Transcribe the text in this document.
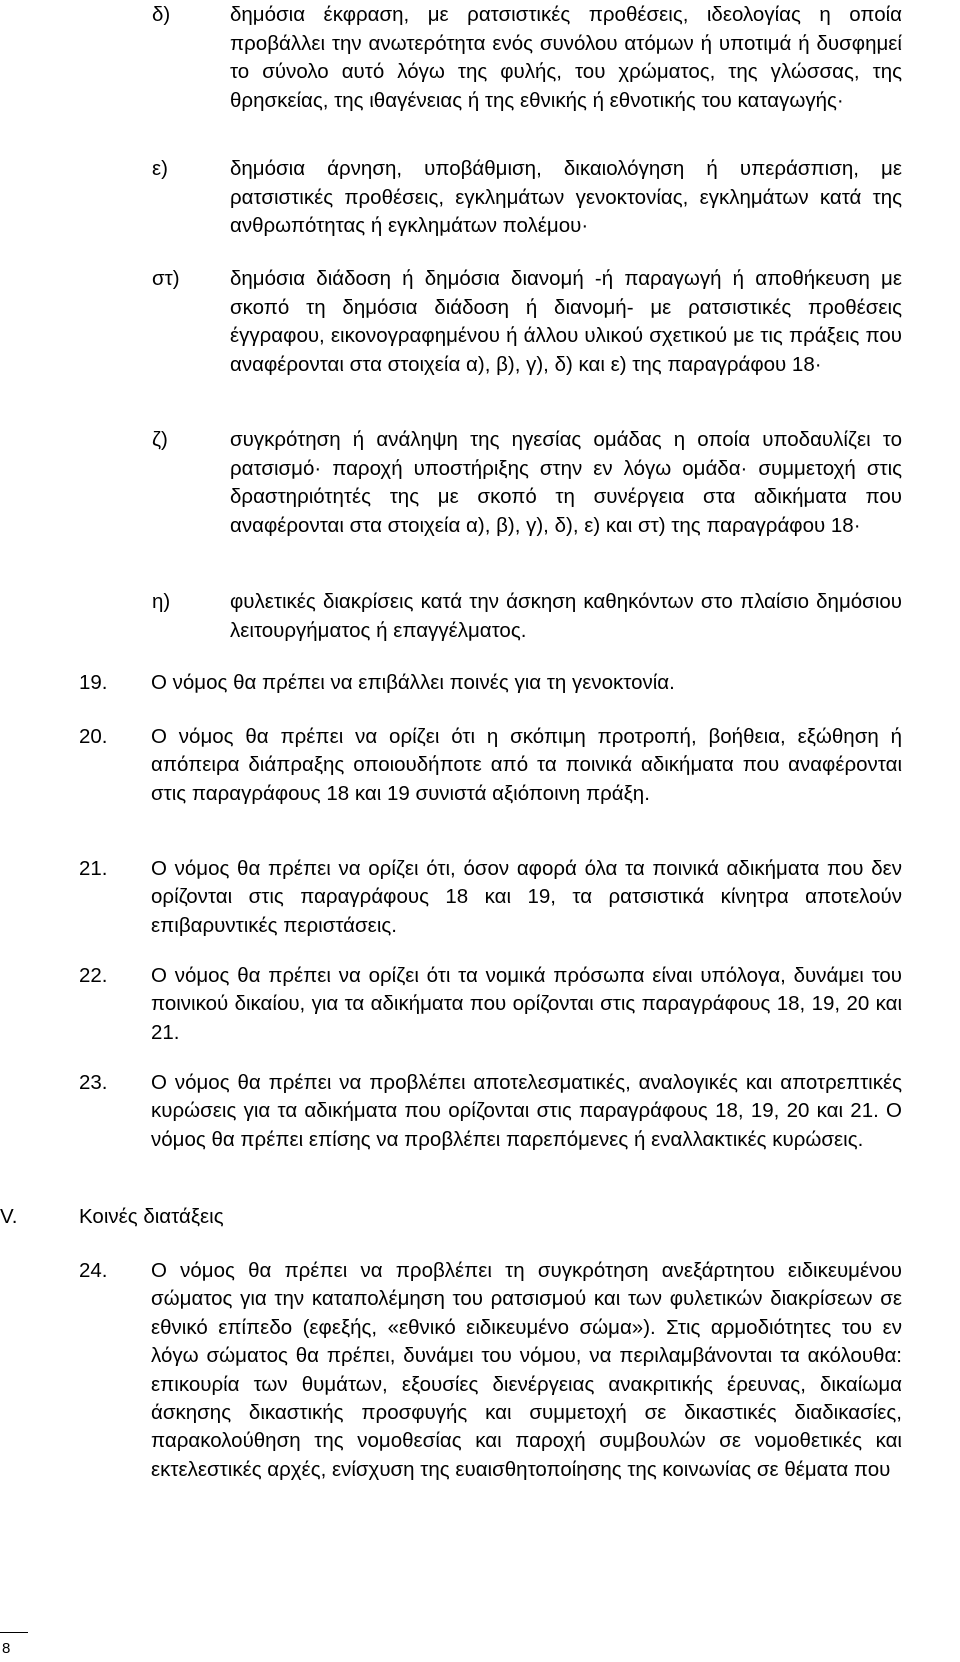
δ)	δημόσια έκφραση, με ρατσιστικές προθέσεις, ιδεολογίας η οποία προβάλλει την ανωτερότητα ενός συνόλου ατόμων ή υποτιμά ή δυσφημεί το σύνολο αυτό λόγω της φυλής, του χρώματος, της γλώσσας, της θρησκείας, της ιθαγένειας ή της εθνικής ή εθνοτικής του καταγωγής·
ε)	δημόσια άρνηση, υποβάθμιση, δικαιολόγηση ή υπεράσπιση, με ρατσιστικές προθέσεις, εγκλημάτων γενοκτονίας, εγκλημάτων κατά της ανθρωπότητας ή εγκλημάτων πολέμου·
στ) δημόσια διάδοση ή δημόσια διανομή -ή παραγωγή ή αποθήκευση με σκοπό τη δημόσια διάδοση ή διανομή- με ρατσιστικές προθέσεις έγγραφου, εικονογραφημένου ή άλλου υλικού σχετικού με τις πράξεις που αναφέρονται στα στοιχεία α), β), γ), δ) και ε) της παραγράφου 18·
ζ)	συγκρότηση ή ανάληψη της ηγεσίας ομάδας η οποία υποδαυλίζει το ρατσισμό· παροχή υποστήριξης στην εν λόγω ομάδα· συμμετοχή στις δραστηριότητές της με σκοπό τη συνέργεια στα αδικήματα που αναφέρονται στα στοιχεία α), β), γ), δ), ε) και στ) της παραγράφου 18·
η)	φυλετικές διακρίσεις κατά την άσκηση καθηκόντων στο πλαίσιο δημόσιου λειτουργήματος ή επαγγέλματος.
19. Ο νόμος θα πρέπει να επιβάλλει ποινές για τη γενοκτονία.
20. Ο νόμος θα πρέπει να ορίζει ότι η σκόπιμη προτροπή, βοήθεια, εξώθηση ή απόπειρα διάπραξης οποιουδήποτε από τα ποινικά αδικήματα που αναφέρονται στις παραγράφους 18 και 19 συνιστά αξιόποινη πράξη.
21. Ο νόμος θα πρέπει να ορίζει ότι, όσον αφορά όλα τα ποινικά αδικήματα που δεν ορίζονται στις παραγράφους 18 και 19, τα ρατσιστικά κίνητρα αποτελούν επιβαρυντικές περιστάσεις.
22. Ο νόμος θα πρέπει να ορίζει ότι τα νομικά πρόσωπα είναι υπόλογα, δυνάμει του ποινικού δικαίου, για τα αδικήματα που ορίζονται στις παραγράφους 18, 19, 20 και 21.
23. Ο νόμος θα πρέπει να προβλέπει αποτελεσματικές, αναλογικές και αποτρεπτικές κυρώσεις για τα αδικήματα που ορίζονται στις παραγράφους 18, 19, 20 και 21. Ο νόμος θα πρέπει επίσης να προβλέπει παρεπόμενες ή εναλλακτικές κυρώσεις.
V.	Κοινές διατάξεις
24. Ο νόμος θα πρέπει να προβλέπει τη συγκρότηση ανεξάρτητου ειδικευμένου σώματος για την καταπολέμηση του ρατσισμού και των φυλετικών διακρίσεων σε εθνικό επίπεδο (εφεξής, «εθνικό ειδικευμένο σώμα»). Στις αρμοδιότητες του εν λόγω σώματος θα πρέπει, δυνάμει του νόμου, να περιλαμβάνονται τα ακόλουθα: επικουρία των θυμάτων, εξουσίες διενέργειας ανακριτικής έρευνας, δικαίωμα άσκησης δικαστικής προσφυγής και συμμετοχή σε δικαστικές διαδικασίες, παρακολούθηση της νομοθεσίας και παροχή συμβουλών σε νομοθετικές και εκτελεστικές αρχές, ενίσχυση της ευαισθητοποίησης της κοινωνίας σε θέματα που
8
